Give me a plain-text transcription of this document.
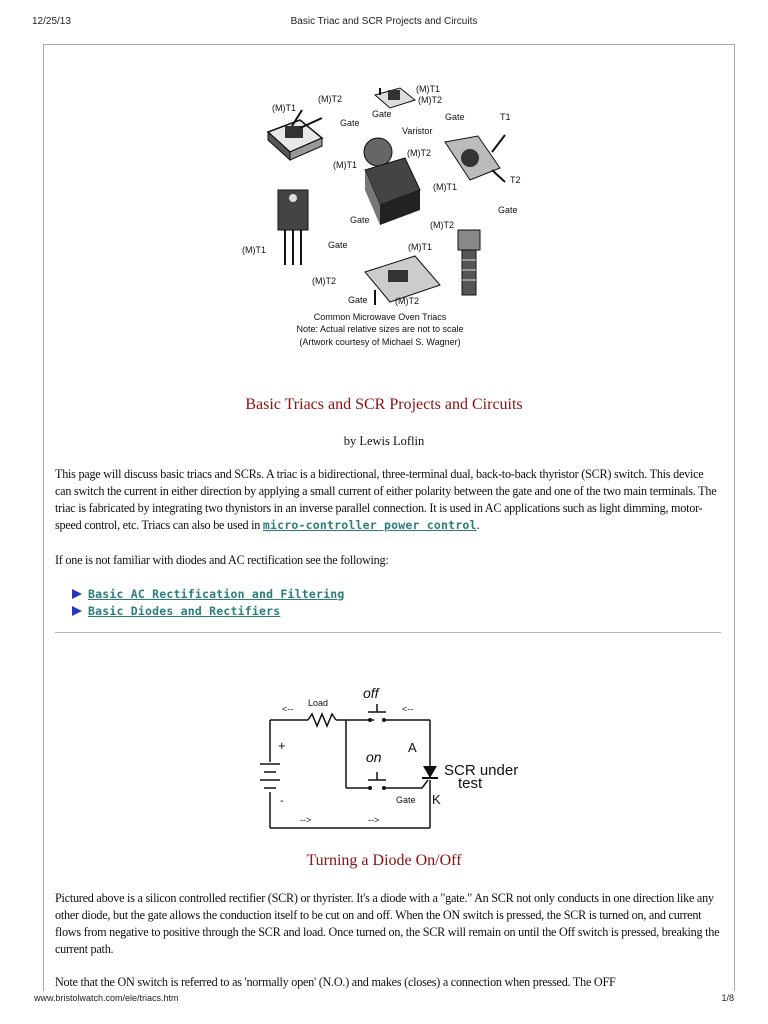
12/25/13	Basic Triac and SCR Projects and Circuits
(M)T1
(M)T2
Gate
(M)T1
(M)T2
Gate
Varistor
(M)T2
(M)T1
Gate
Gate	T1
T2
(M)T1	Gate
(M)T2
(M)T1
Gate
(M)T2
(M)T1
Gate	(M)T2
Common Microwave Oven Triacs
Note: Actual relative sizes are not to scale
(Artwork courtesy of Michael S. Wagner)
Basic Triacs and SCR Projects and Circuits
by Lewis Loflin
This page will discuss basic triacs and SCRs. A triac is a bidirectional, three-terminal dual, back-to-back thyristor (SCR) switch. This device can switch the current in either direction by applying a small current of either polarity between the gate and one of the two main terminals. The triac is fabricated by integrating two thynistors in an inverse parallel connection. It is used in AC applications such as light dimming, motor-speed control, etc. Triacs can also be used in micro-controller power control.
If one is not familiar with diodes and AC rectification see the following:
Basic AC Rectification and Filtering
Basic Diodes and Rectifiers
<--	<--
Load
off
on
+
-
A
K
Gate
SCR under
test
-->	-->
Turning a Diode On/Off
Pictured above is a silicon controlled rectifier (SCR) or thyrister. It's a diode with a "gate." An SCR not only conducts in one direction like any other diode, but the gate allows the conduction itself to be cut on and off. When the ON switch is pressed, the SCR is turned on, and current flows from negative to positive through the SCR and load. Once turned on, the SCR will remain on until the Off switch is pressed, breaking the current path.
Note that the ON switch is referred to as 'normally open' (N.O.) and makes (closes) a connection when pressed. The OFF
www.bristolwatch.com/ele/triacs.htm	1/8
